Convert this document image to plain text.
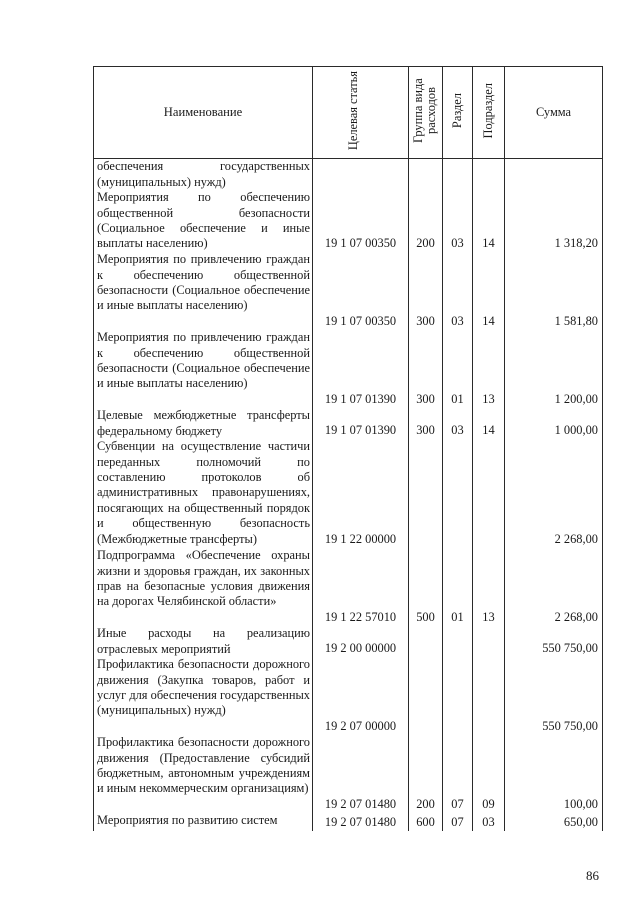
Наименование	Целевая статья	Группа вида расходов	Раздел	Подраздел	Сумма
обеспечения государственных (муниципальных) нужд)					
Мероприятия по обеспечению общественной безопасности (Социальное обеспечение и иные выплаты населению)	19 1 07 00350	200	03	14	1 318,20
Мероприятия по привлечению граждан к обеспечению общественной безопасности (Социальное обеспечение и иные выплаты населению)	19 1 07 00350	300	03	14	1 581,80
Мероприятия по привлечению граждан к обеспечению общественной безопасности (Социальное обеспечение и иные выплаты населению)	19 1 07 01390	300	01	13	1 200,00
Целевые межбюджетные трансферты федеральному бюджету	19 1 07 01390	300	03	14	1 000,00
Субвенции на осуществление частичи переданных полномочий по составлению протоколов об административных правонарушениях, посягающих на общественный порядок и общественную безопасность (Межбюджетные трансферты)	19 1 22 00000				2 268,00
Подпрограмма «Обеспечение охраны жизни и здоровья граждан, их законных прав на безопасные условия движения на дорогах Челябинской области»	19 1 22 57010	500	01	13	2 268,00
Иные расходы на реализацию отраслевых мероприятий	19 2 00 00000				550 750,00
Профилактика безопасности дорожного движения (Закупка товаров, работ и услуг для обеспечения государственных (муниципальных) нужд)	19 2 07 00000				550 750,00
Профилактика безопасности дорожного движения (Предоставление субсидий бюджетным, автономным учреждениям и иным некоммерческим организациям)	19 2 07 01480	200	07	09	100,00
Мероприятия по развитию систем	19 2 07 01480	600	07	03	650,00
86
